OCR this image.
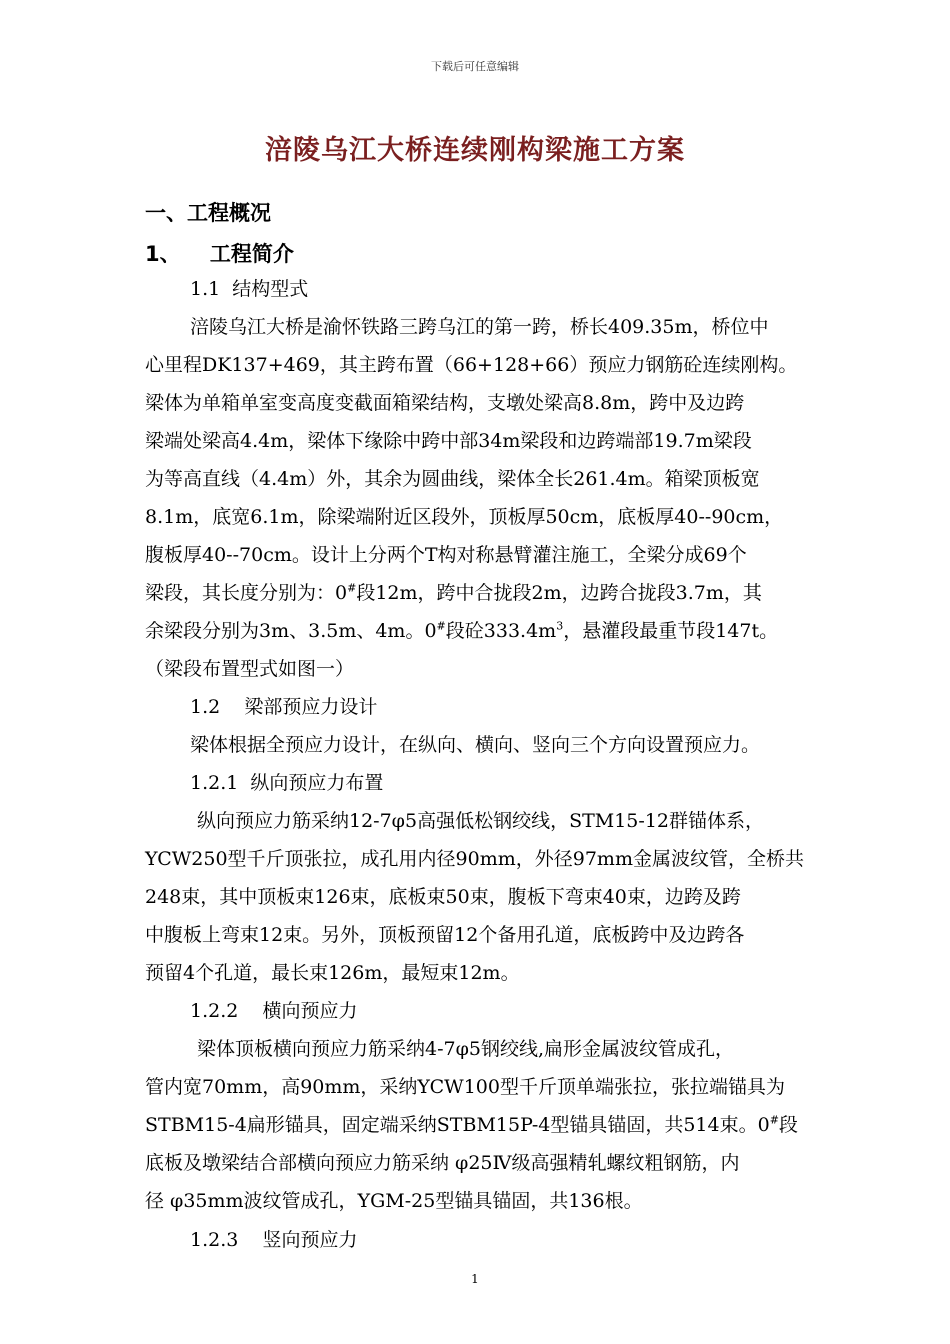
下载后可任意编辑
涪陵乌江大桥连续刚构梁施工方案
一、工程概况
1、    工程简介
1.1  结构型式
涪陵乌江大桥是渝怀铁路三跨乌江的第一跨，桥长409.35m，桥位中
心里程DK137+469，其主跨布置（66+128+66）预应力钢筋砼连续刚构。
梁体为单箱单室变高度变截面箱梁结构，支墩处梁高8.8m，跨中及边跨
梁端处梁高4.4m，梁体下缘除中跨中部34m梁段和边跨端部19.7m梁段
为等高直线（4.4m）外，其余为圆曲线，梁体全长261.4m。箱梁顶板宽
8.1m，底宽6.1m，除梁端附近区段外，顶板厚50cm，底板厚40--90cm，
腹板厚40--70cm。设计上分两个T构对称悬臂灌注施工，全梁分成69个
梁段，其长度分别为：0#段12m，跨中合拢段2m，边跨合拢段3.7m，其
余梁段分别为3m、3.5m、4m。0#段砼$333.4m^3$，悬灌段最重节段147t。
（梁段布置型式如图一）
1.2    梁部预应力设计
梁体根据全预应力设计，在纵向、横向、竖向三个方向设置预应力。
1.2.1  纵向预应力布置
纵向预应力筋采纳12-7φ5高强低松钢绞线，STM15-12群锚体系，
YCW250型千斤顶张拉，成孔用内径90mm，外径97mm金属波纹管，全桥共
248束，其中顶板束126束，底板束50束，腹板下弯束40束，边跨及跨
中腹板上弯束12束。另外，顶板预留12个备用孔道，底板跨中及边跨各
预留4个孔道，最长束126m，最短束12m。
1.2.2    横向预应力
梁体顶板横向预应力筋采纳4-7φ5钢绞线,扁形金属波纹管成孔，
管内宽70mm，高90mm，采纳YCW100型千斤顶单端张拉，张拉端锚具为
STBM15-4扁形锚具，固定端采纳STBM15P-4型锚具锚固，共514束。0#段
底板及墩梁结合部横向预应力筋采纳 φ25Ⅳ级高强精轧螺纹粗钢筋，内
径 φ35mm波纹管成孔，YGM-25型锚具锚固，共136根。
1.2.3    竖向预应力
1
